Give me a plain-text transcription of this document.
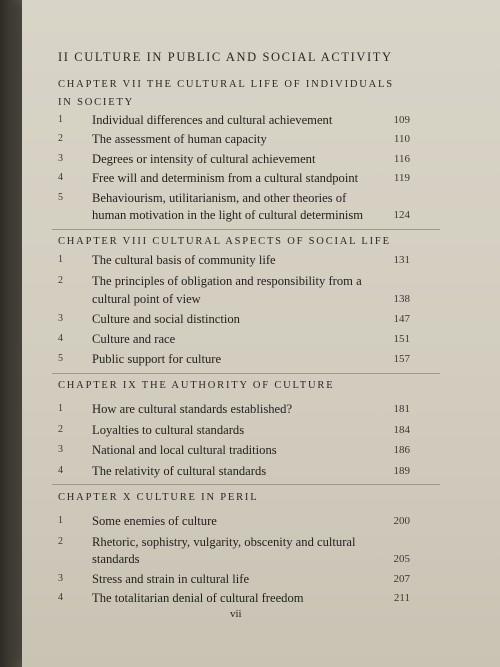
II CULTURE IN PUBLIC AND SOCIAL ACTIVITY
CHAPTER VII THE CULTURAL LIFE OF INDIVIDUALS
IN SOCIETY
1	Individual differences and cultural achievement	109
2	The assessment of human capacity	110
3	Degrees or intensity of cultural achievement	116
4	Free will and determinism from a cultural standpoint	119
5	Behaviourism, utilitarianism, and other theories of
human motivation in the light of cultural determinism	124
CHAPTER VIII CULTURAL ASPECTS OF SOCIAL LIFE
1	The cultural basis of community life	131
2	The principles of obligation and responsibility from a
cultural point of view	138
3	Culture and social distinction	147
4	Culture and race	151
5	Public support for culture	157
CHAPTER IX THE AUTHORITY OF CULTURE
1	How are cultural standards established?	181
2	Loyalties to cultural standards	184
3	National and local cultural traditions	186
4	The relativity of cultural standards	189
CHAPTER X CULTURE IN PERIL
1	Some enemies of culture	200
2	Rhetoric, sophistry, vulgarity, obscenity and cultural
standards	205
3	Stress and strain in cultural life	207
4	The totalitarian denial of cultural freedom	211
vii
